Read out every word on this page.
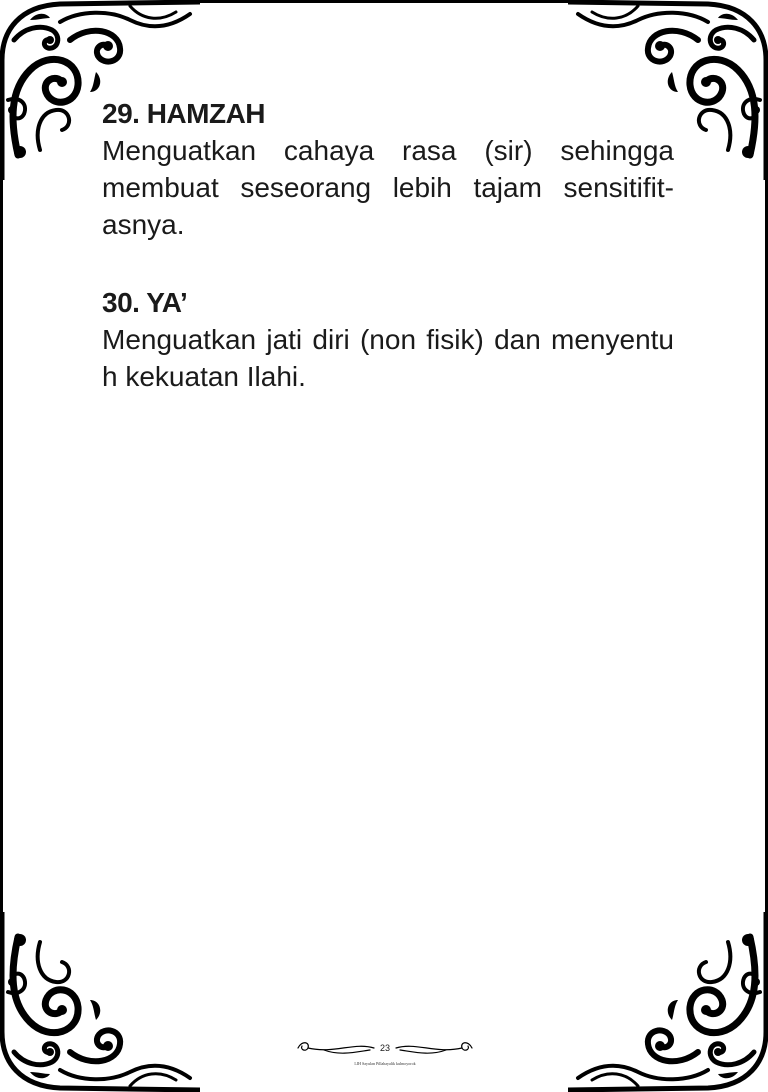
29. HAMZAH

Menguatkan cahaya rasa (sir) sehingga membuat seseorang lebih tajam sensitifit-asnya.

30. YA’

Menguatkan jati diri (non fisik) dan menyentu h kekuatan Ilahi.

23
LIH Sayulan Pillahayalik kulmoyorok
